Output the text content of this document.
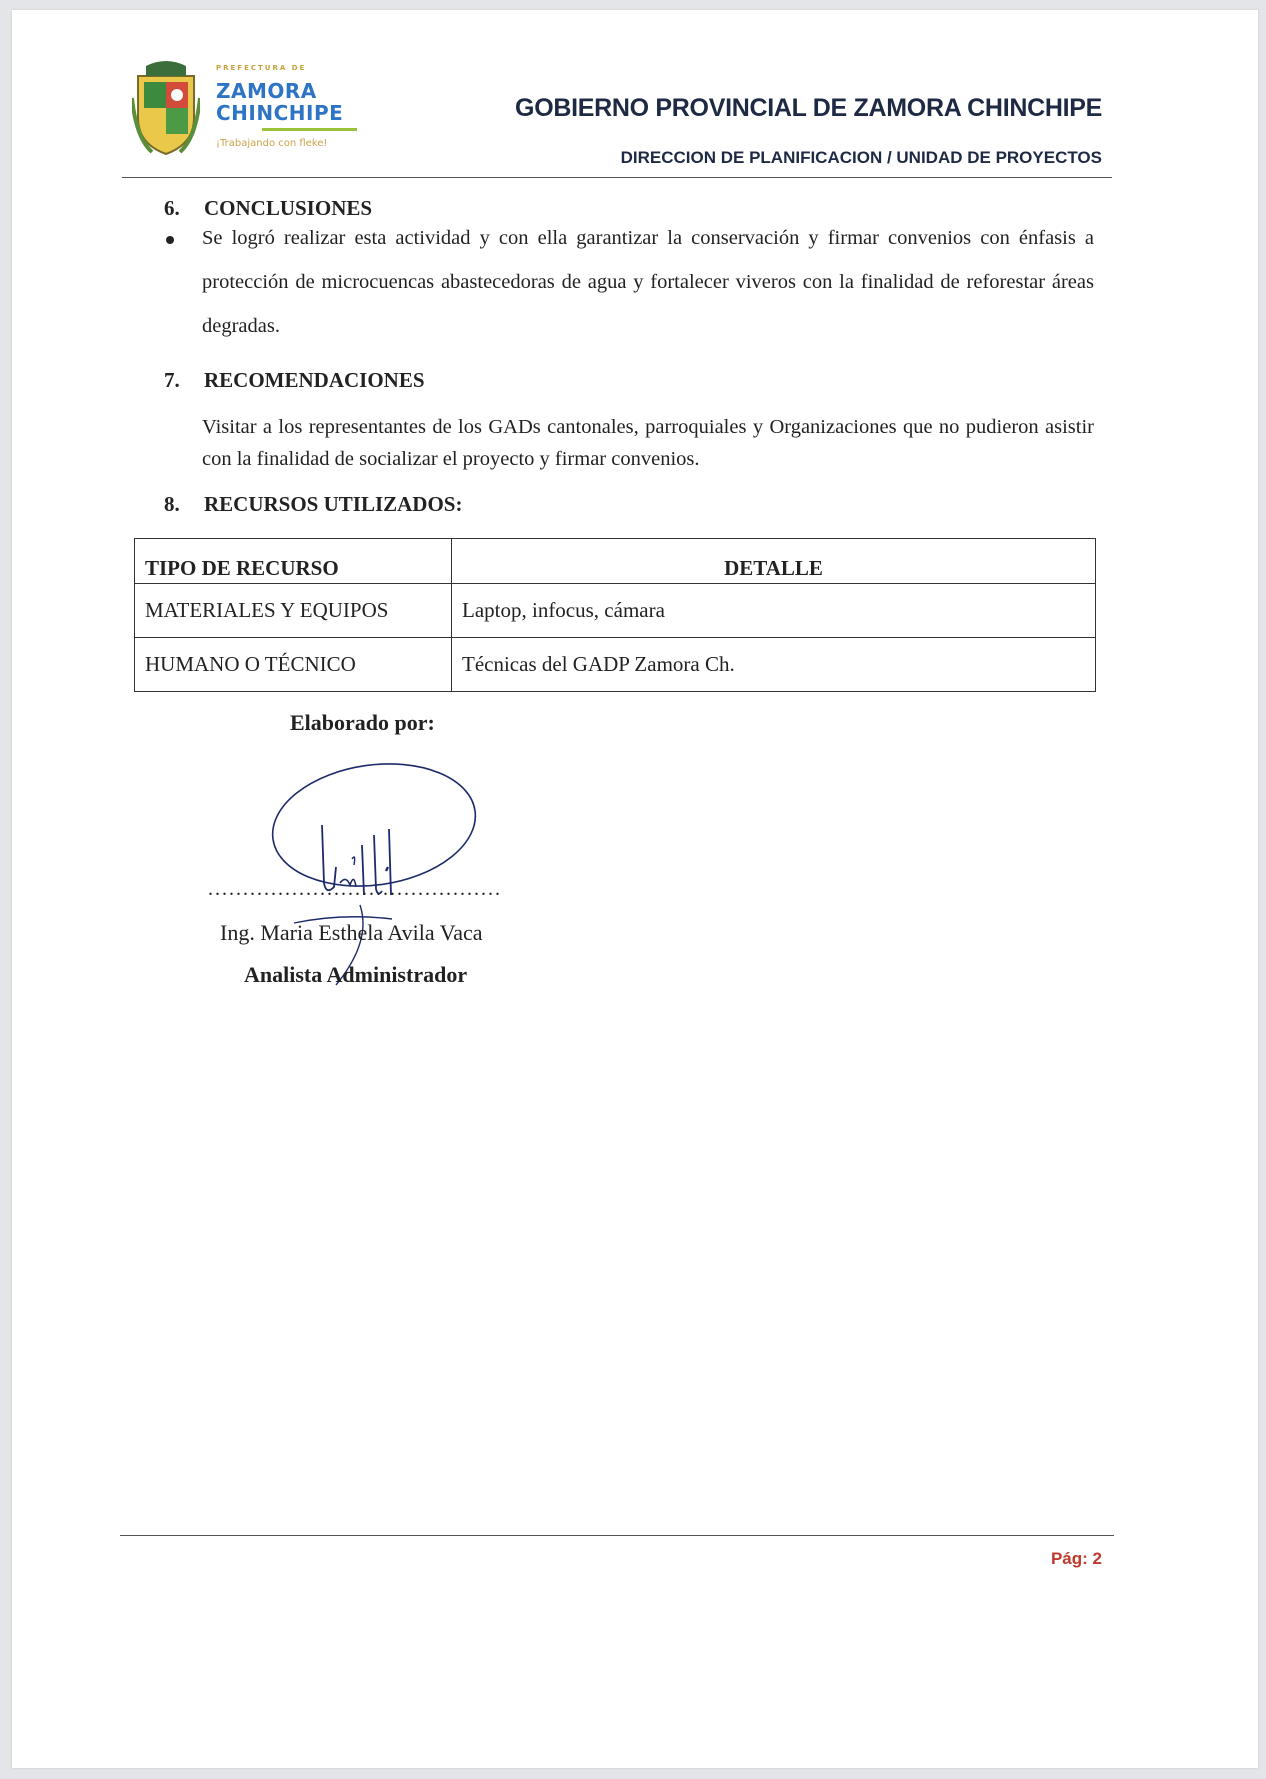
PREFECTURA DE
ZAMORA
CHINCHIPE
¡Trabajando con fleke!
GOBIERNO PROVINCIAL DE ZAMORA CHINCHIPE
DIRECCION DE PLANIFICACION / UNIDAD DE PROYECTOS
6. CONCLUSIONES
Se logró realizar esta actividad y con ella garantizar la conservación y firmar convenios con énfasis a protección de microcuencas abastecedoras de agua y fortalecer viveros con la finalidad de reforestar áreas degradas.
7. RECOMENDACIONES
Visitar a los representantes de los GADs cantonales, parroquiales y Organizaciones que no pudieron asistir con la finalidad de socializar el proyecto y firmar convenios.
8. RECURSOS UTILIZADOS:
TIPO DE RECURSO	DETALLE
MATERIALES Y EQUIPOS	Laptop, infocus, cámara
HUMANO O TÉCNICO	Técnicas del GADP Zamora Ch.
Elaborado por:
..........................................
Ing. Maria Esthela Avila Vaca
Analista Administrador
Pág: 2
